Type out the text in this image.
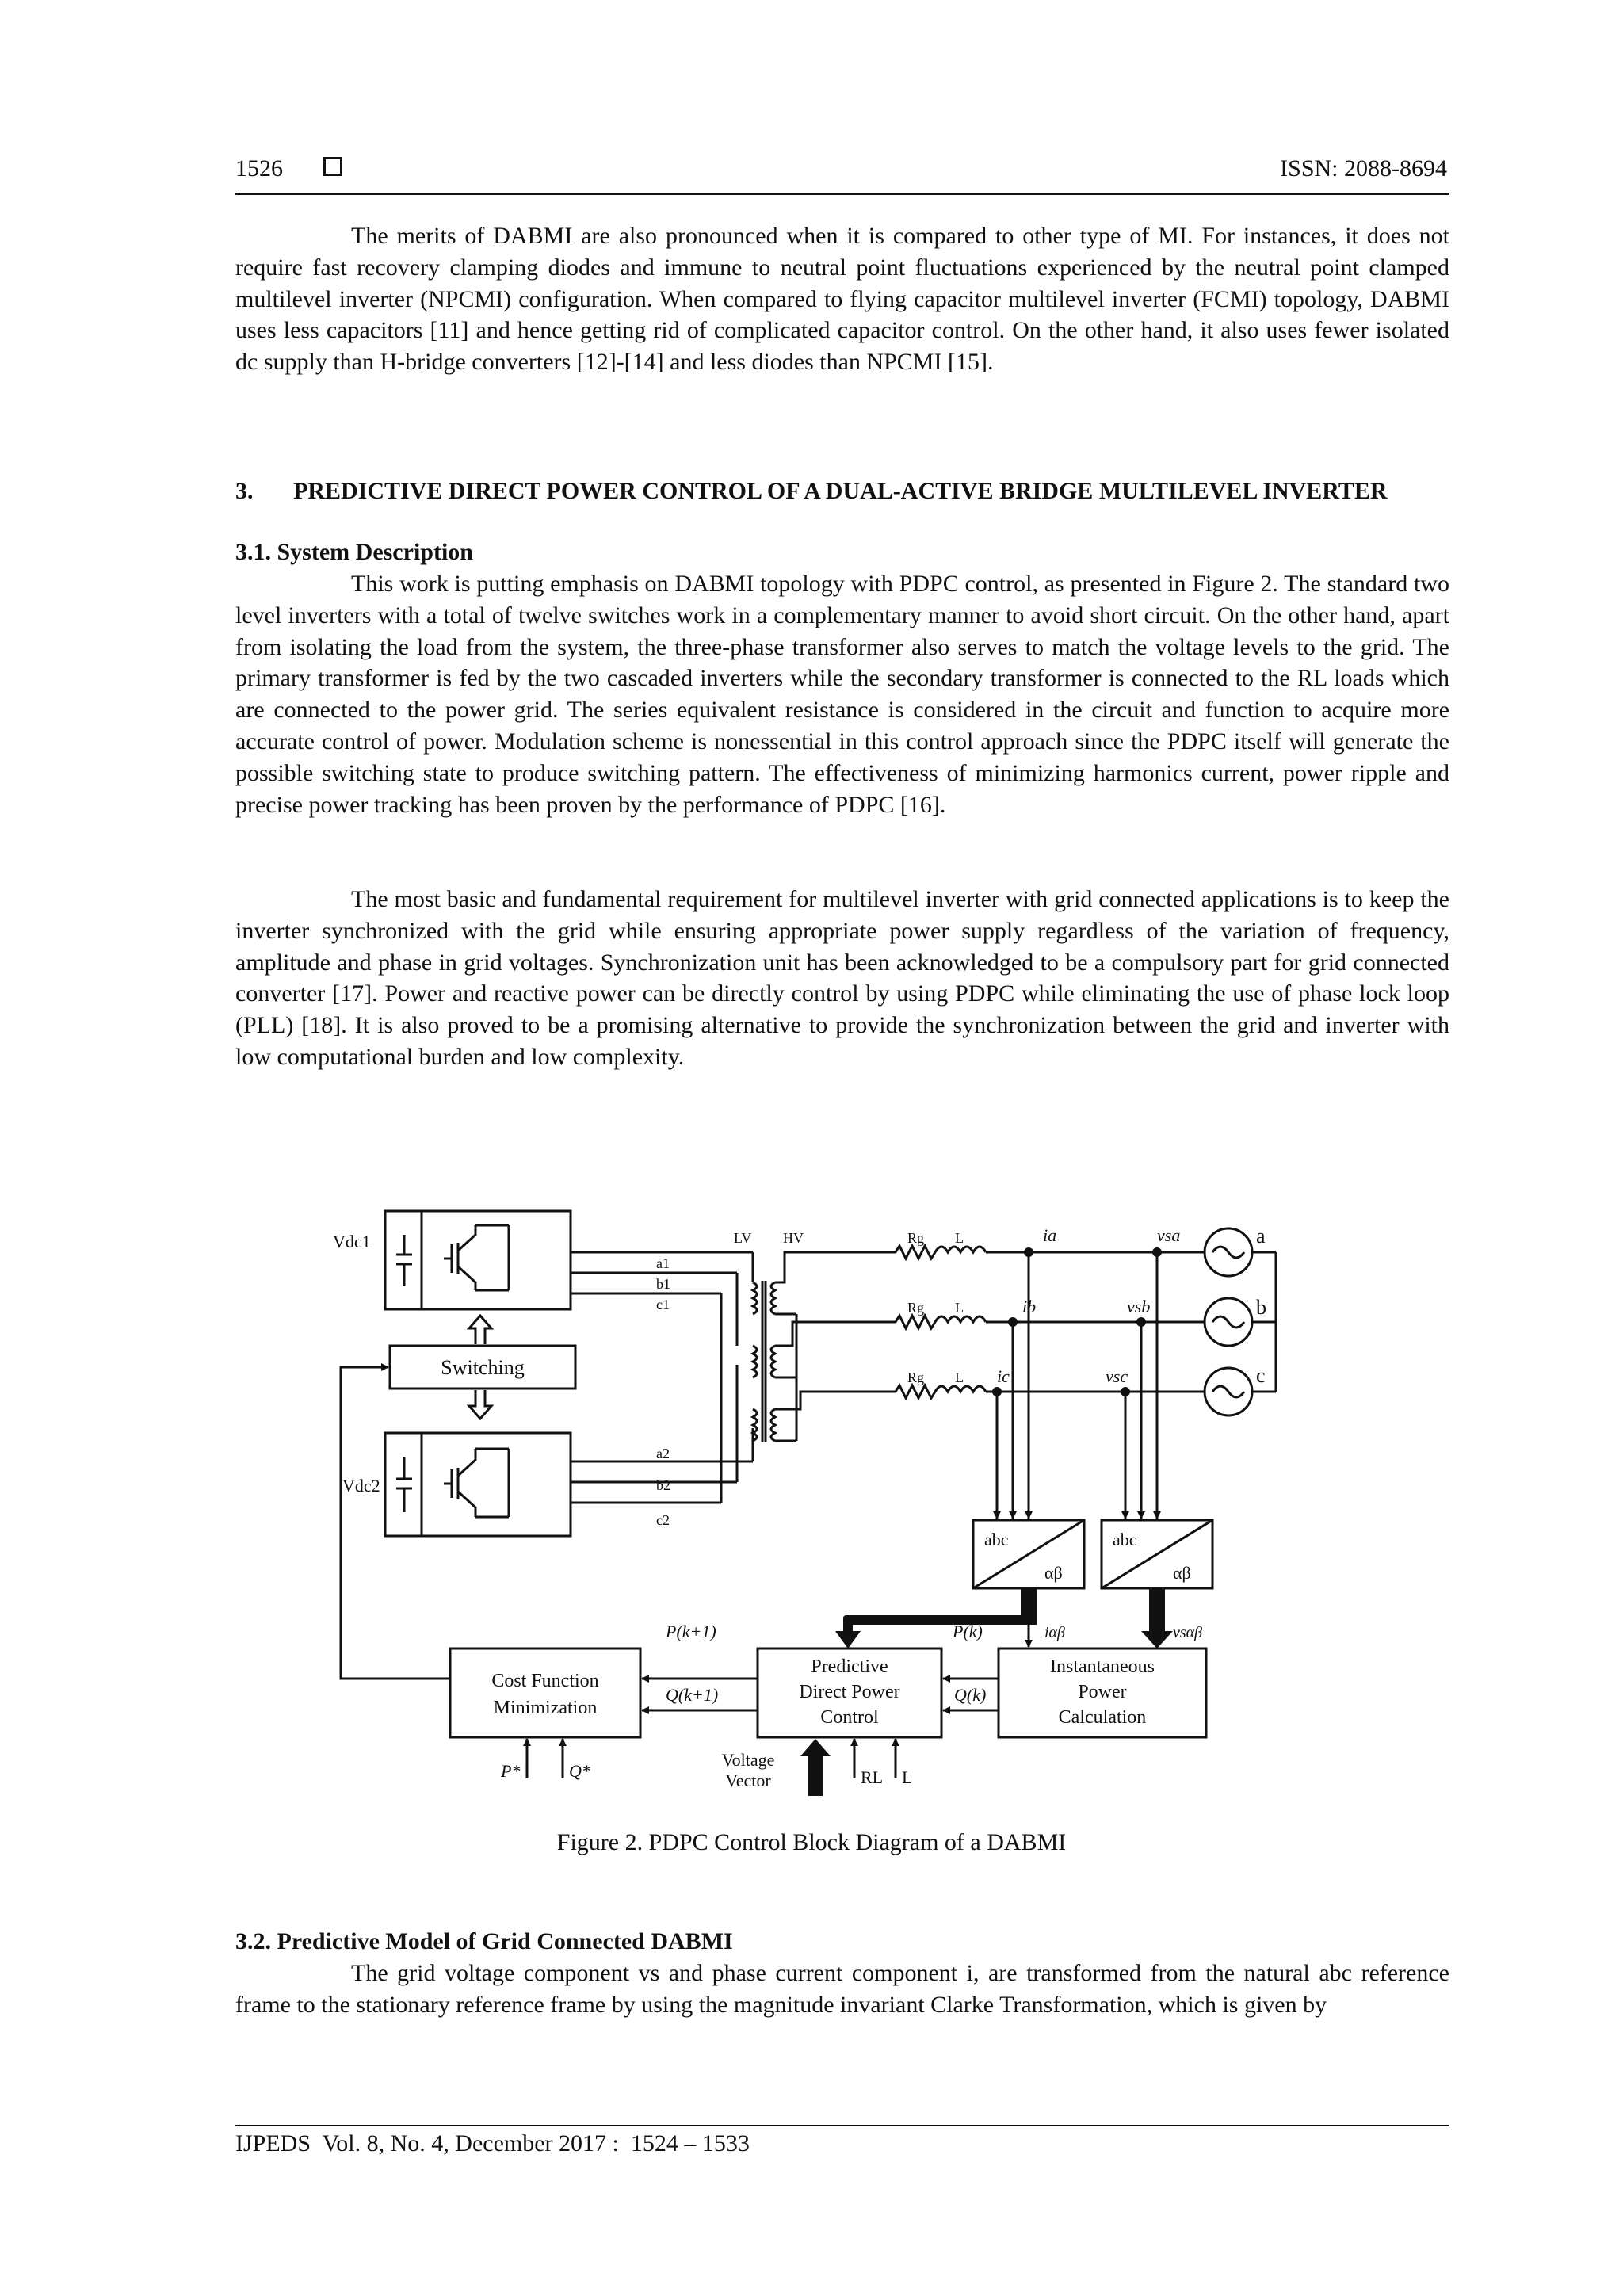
1526	ISSN: 2088-8694

The merits of DABMI are also pronounced when it is compared to other type of MI. For instances, it does not require fast recovery clamping diodes and immune to neutral point fluctuations experienced by the neutral point clamped multilevel inverter (NPCMI) configuration. When compared to flying capacitor multilevel inverter (FCMI) topology, DABMI uses less capacitors [11] and hence getting rid of complicated capacitor control. On the other hand, it also uses fewer isolated dc supply than H-bridge converters [12]-[14] and less diodes than NPCMI [15].

3. PREDICTIVE DIRECT POWER CONTROL OF A DUAL-ACTIVE BRIDGE MULTILEVEL INVERTER
3.1. System Description

This work is putting emphasis on DABMI topology with PDPC control, as presented in Figure 2. The standard two level inverters with a total of twelve switches work in a complementary manner to avoid short circuit. On the other hand, apart from isolating the load from the system, the three-phase transformer also serves to match the voltage levels to the grid. The primary transformer is fed by the two cascaded inverters while the secondary transformer is connected to the RL loads which are connected to the power grid. The series equivalent resistance is considered in the circuit and function to acquire more accurate control of power. Modulation scheme is nonessential in this control approach since the PDPC itself will generate the possible switching state to produce switching pattern. The effectiveness of minimizing harmonics current, power ripple and precise power tracking has been proven by the performance of PDPC [16].

The most basic and fundamental requirement for multilevel inverter with grid connected applications is to keep the inverter synchronized with the grid while ensuring appropriate power supply regardless of the variation of frequency, amplitude and phase in grid voltages. Synchronization unit has been acknowledged to be a compulsory part for grid connected converter [17]. Power and reactive power can be directly control by using PDPC while eliminating the use of phase lock loop (PLL) [18]. It is also proved to be a promising alternative to provide the synchronization between the grid and inverter with low computational burden and low complexity.

Vdc1
Vdc2
Switching
a1
b1
c1
a2
b2
c2
LV HV	Rg L
Rg L
Rg L
ia
ib
ic
vsa
vsb
vsc
a
b
c
abc
αβ
abc
αβ
iαβ	vsαβ
P(k+1)
Q(k+1)
P(k)
Q(k)
Cost Function
Minimization
Predictive
Direct Power
Control
Instantaneous
Power
Calculation
P*	Q*
Voltage
Vector	RL L
Figure 2. PDPC Control Block Diagram of a DABMI
3.2. Predictive Model of Grid Connected DABMI

The grid voltage component vs and phase current component i, are transformed from the natural abc reference frame to the stationary reference frame by using the magnitude invariant Clarke Transformation, which is given by

IJPEDS  Vol. 8, No. 4, December 2017 :  1524 – 1533
